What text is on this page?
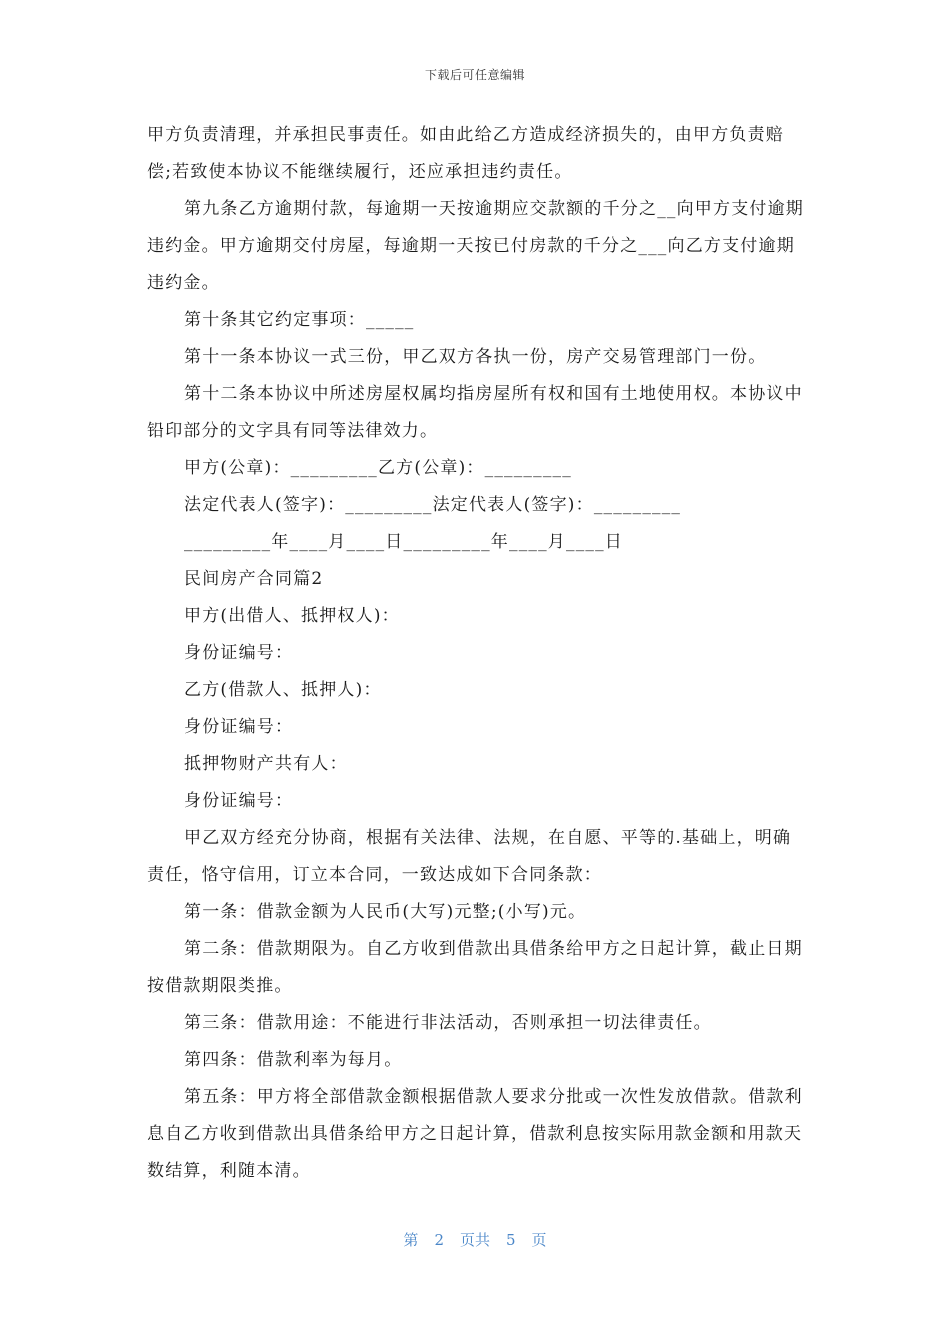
下载后可任意编辑

甲方负责清理，并承担民事责任。如由此给乙方造成经济损失的，由甲方负责赔偿;若致使本协议不能继续履行，还应承担违约责任。

第九条乙方逾期付款，每逾期一天按逾期应交款额的千分之__向甲方支付逾期违约金。甲方逾期交付房屋，每逾期一天按已付房款的千分之___向乙方支付逾期违约金。

第十条其它约定事项：_____

第十一条本协议一式三份，甲乙双方各执一份，房产交易管理部门一份。

第十二条本协议中所述房屋权属均指房屋所有权和国有土地使用权。本协议中铅印部分的文字具有同等法律效力。

甲方(公章)：_________乙方(公章)：_________

法定代表人(签字)：_________法定代表人(签字)：_________

_________年____月____日_________年____月____日

民间房产合同篇2

甲方(出借人、抵押权人)：

身份证编号：

乙方(借款人、抵押人)：

身份证编号：

抵押物财产共有人：

身份证编号：

甲乙双方经充分协商，根据有关法律、法规，在自愿、平等的.基础上，明确责任，恪守信用，订立本合同，一致达成如下合同条款：

第一条：借款金额为人民币(大写)元整;(小写)元。

第二条：借款期限为。自乙方收到借款出具借条给甲方之日起计算，截止日期按借款期限类推。

第三条：借款用途：不能进行非法活动，否则承担一切法律责任。

第四条：借款利率为每月。

第五条：甲方将全部借款金额根据借款人要求分批或一次性发放借款。借款利息自乙方收到借款出具借条给甲方之日起计算，借款利息按实际用款金额和用款天数结算，利随本清。

第 2 页共 5 页
